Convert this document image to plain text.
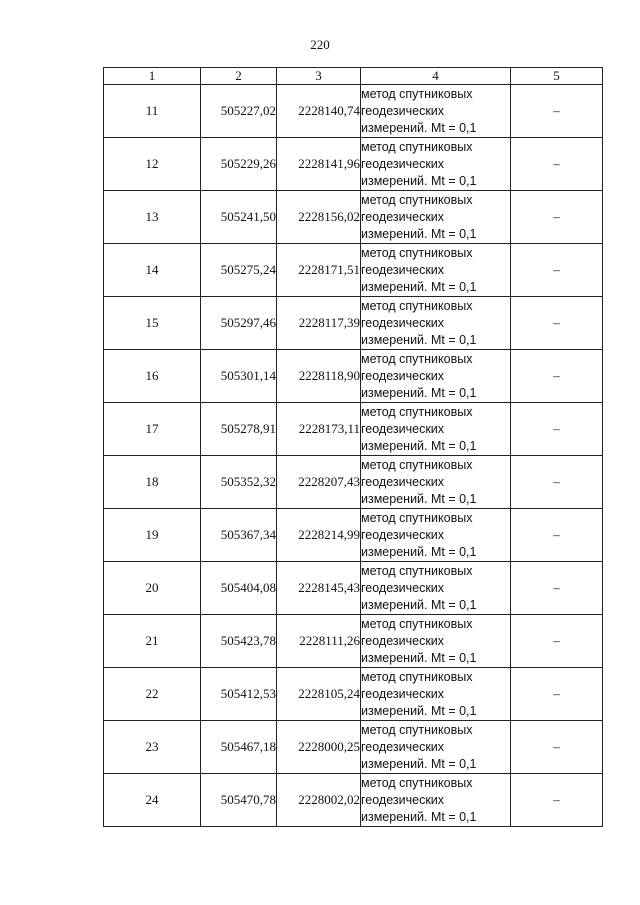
220
1	2	3	4	5
11	505227,02	2228140,74	метод спутниковых
геодезических
измерений. Mt = 0,1	–
12	505229,26	2228141,96	метод спутниковых
геодезических
измерений. Mt = 0,1	–
13	505241,50	2228156,02	метод спутниковых
геодезических
измерений. Mt = 0,1	–
14	505275,24	2228171,51	метод спутниковых
геодезических
измерений. Mt = 0,1	–
15	505297,46	2228117,39	метод спутниковых
геодезических
измерений. Mt = 0,1	–
16	505301,14	2228118,90	метод спутниковых
геодезических
измерений. Mt = 0,1	–
17	505278,91	2228173,11	метод спутниковых
геодезических
измерений. Mt = 0,1	–
18	505352,32	2228207,43	метод спутниковых
геодезических
измерений. Mt = 0,1	–
19	505367,34	2228214,99	метод спутниковых
геодезических
измерений. Mt = 0,1	–
20	505404,08	2228145,43	метод спутниковых
геодезических
измерений. Mt = 0,1	–
21	505423,78	2228111,26	метод спутниковых
геодезических
измерений. Mt = 0,1	–
22	505412,53	2228105,24	метод спутниковых
геодезических
измерений. Mt = 0,1	–
23	505467,18	2228000,25	метод спутниковых
геодезических
измерений. Mt = 0,1	–
24	505470,78	2228002,02	метод спутниковых
геодезических
измерений. Mt = 0,1	–
